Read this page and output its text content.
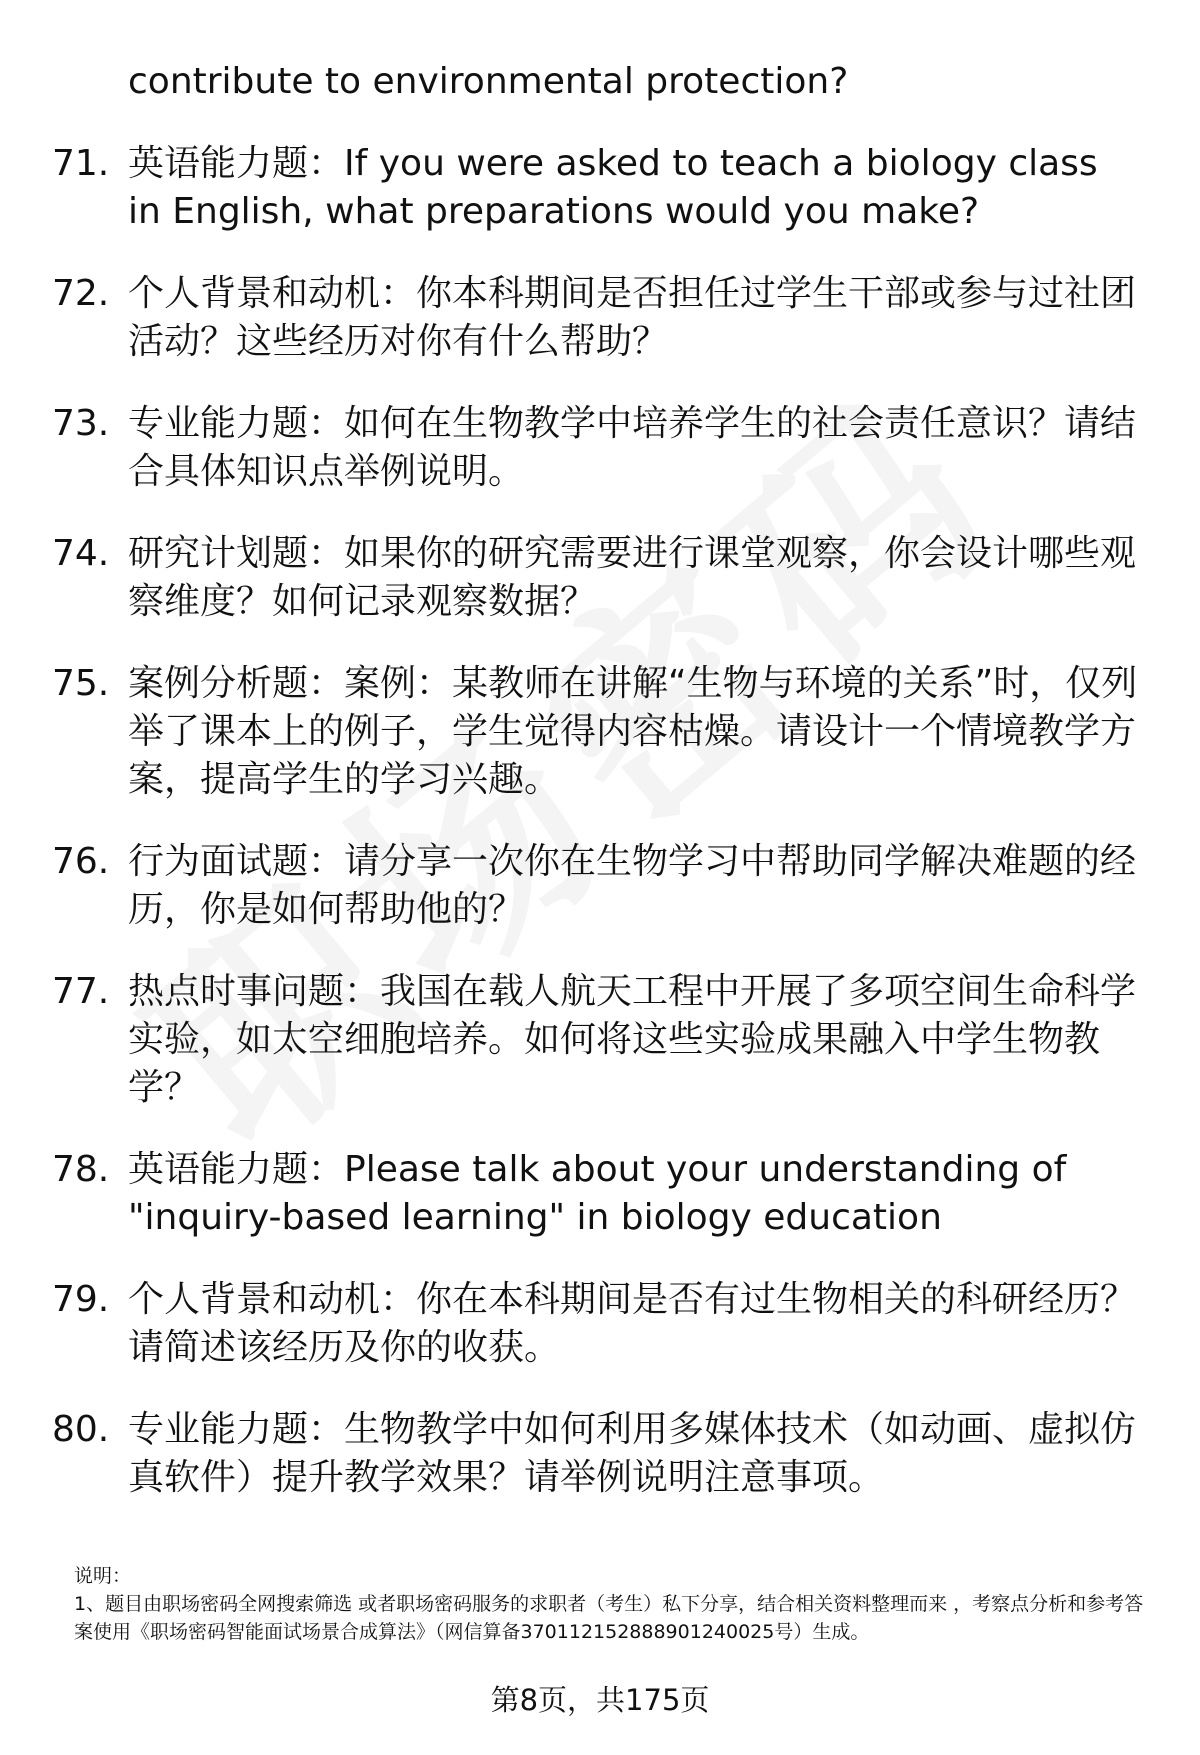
contribute to environmental protection?
71. 英语能力题：If you were asked to teach a biology class in English, what preparations would you make?
72. 个人背景和动机：你本科期间是否担任过学生干部或参与过社团活动？这些经历对你有什么帮助？
73. 专业能力题：如何在生物教学中培养学生的社会责任意识？请结合具体知识点举例说明。
74. 研究计划题：如果你的研究需要进行课堂观察，你会设计哪些观察维度？如何记录观察数据？
75. 案例分析题：案例：某教师在讲解“生物与环境的关系”时，仅列举了课本上的例子，学生觉得内容枯燥。请设计一个情境教学方案，提高学生的学习兴趣。
76. 行为面试题：请分享一次你在生物学习中帮助同学解决难题的经历，你是如何帮助他的？
77. 热点时事问题：我国在载人航天工程中开展了多项空间生命科学实验，如太空细胞培养。如何将这些实验成果融入中学生物教学？
78. 英语能力题：Please talk about your understanding of "inquiry-based learning" in biology education
79. 个人背景和动机：你在本科期间是否有过生物相关的科研经历？请简述该经历及你的收获。
80. 专业能力题：生物教学中如何利用多媒体技术（如动画、虚拟仿真软件）提升教学效果？请举例说明注意事项。

说明：

1、题目由职场密码全网搜索筛选 或者职场密码服务的求职者（考生）私下分享，结合相关资料整理而来 ，考察点分析和参考答案使用《职场密码智能面试场景合成算法》（网信算备370112152888901240025号）生成。

第8页，共175页
